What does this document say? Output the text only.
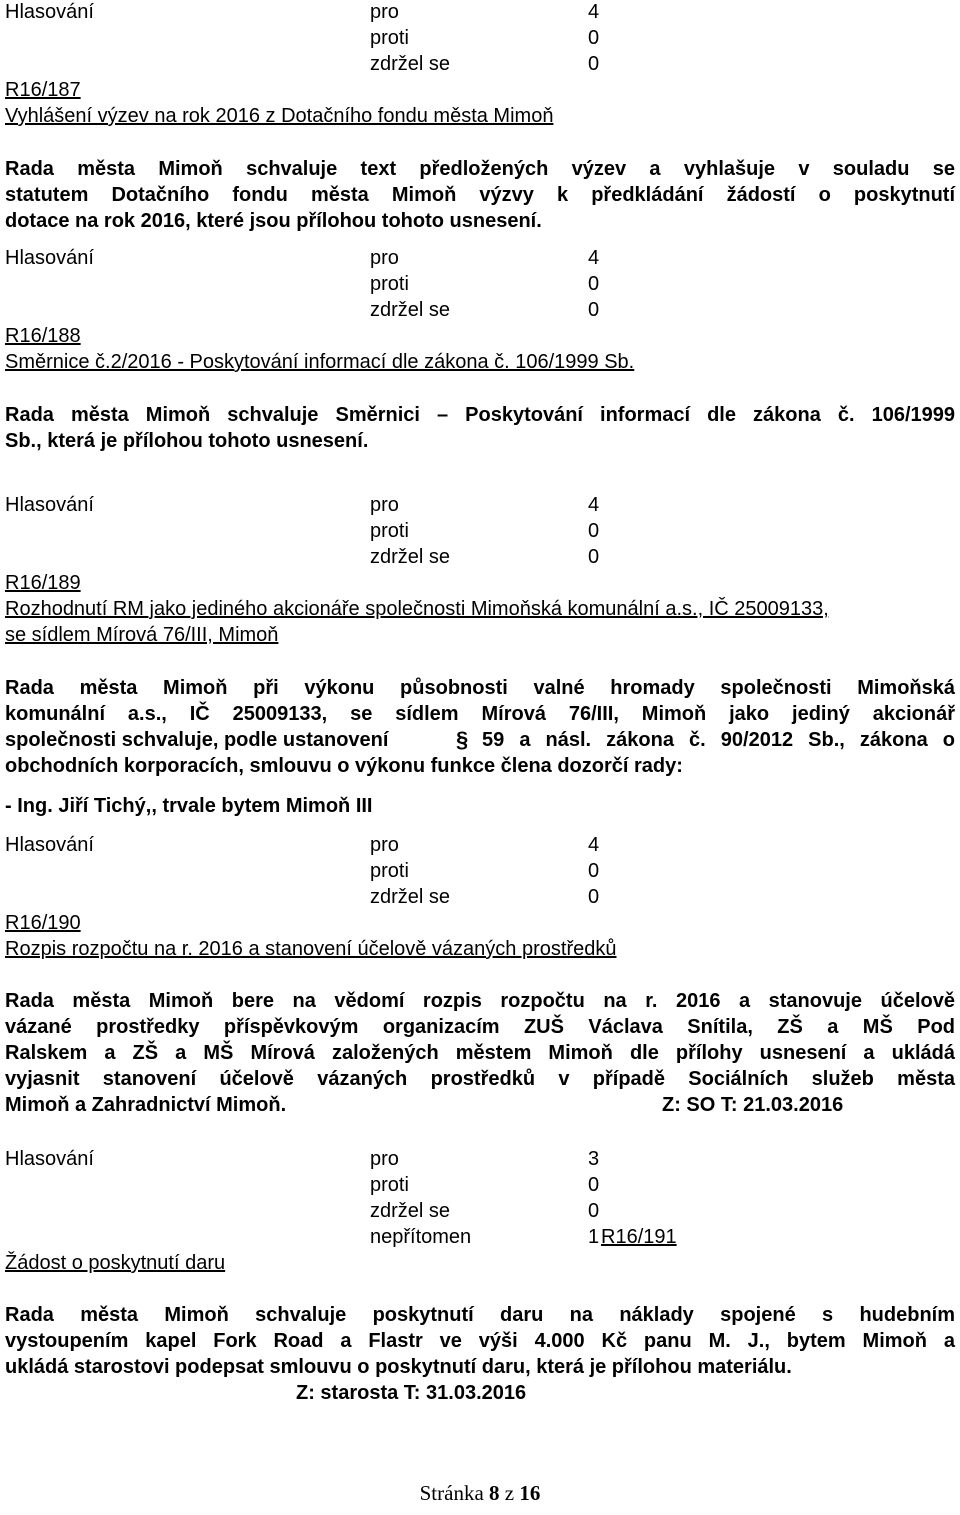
Hlasování	pro	4
proti	0
zdržel se	0
R16/187
Vyhlášení výzev na rok 2016 z Dotačního fondu města Mimoň
Rada města Mimoň schvaluje text předložených výzev a vyhlašuje v souladu se
statutem Dotačního fondu města Mimoň výzvy k předkládání žádostí o poskytnutí
dotace na rok 2016, které jsou přílohou tohoto usnesení.
Hlasování	pro	4
proti	0
zdržel se	0
R16/188
Směrnice č.2/2016 - Poskytování informací dle zákona č. 106/1999 Sb.
Rada města Mimoň schvaluje Směrnici – Poskytování informací dle zákona č. 106/1999
Sb., která je přílohou tohoto usnesení.
Hlasování	pro	4
proti	0
zdržel se	0
R16/189
Rozhodnutí RM jako jediného akcionáře společnosti Mimoňská komunální a.s., IČ 25009133,
se sídlem Mírová 76/III, Mimoň
Rada města Mimoň při výkonu působnosti valné hromady společnosti Mimoňská
komunální a.s., IČ 25009133, se sídlem Mírová 76/III, Mimoň jako jediný akcionář
společnosti schvaluje, podle ustanovení	§ 59 a násl. zákona č. 90/2012 Sb., zákona o
obchodních korporacích, smlouvu o výkonu funkce člena dozorčí rady:
- Ing. Jiří Tichý,, trvale bytem Mimoň III
Hlasování	pro	4
proti	0
zdržel se	0
R16/190
Rozpis rozpočtu na r. 2016 a stanovení účelově vázaných prostředků
Rada města Mimoň bere na vědomí rozpis rozpočtu na r. 2016 a stanovuje účelově
vázané prostředky příspěvkovým organizacím ZUŠ Václava Snítila, ZŠ a MŠ Pod
Ralskem a ZŠ a MŠ Mírová založených městem Mimoň dle přílohy usnesení a ukládá
vyjasnit stanovení účelově vázaných prostředků v případě Sociálních služeb města
Mimoň a Zahradnictví Mimoň.	Z: SO T: 21.03.2016
Hlasování	pro	3
proti	0
zdržel se	0
nepřítomen	1 R16/191
Žádost o poskytnutí daru
Rada města Mimoň schvaluje poskytnutí daru na náklady spojené s hudebním
vystoupením kapel Fork Road a Flastr ve výši 4.000 Kč panu M. J., bytem Mimoň a
ukládá starostovi podepsat smlouvu o poskytnutí daru, která je přílohou materiálu.
Z: starosta T: 31.03.2016
Stránka 8 z 16
